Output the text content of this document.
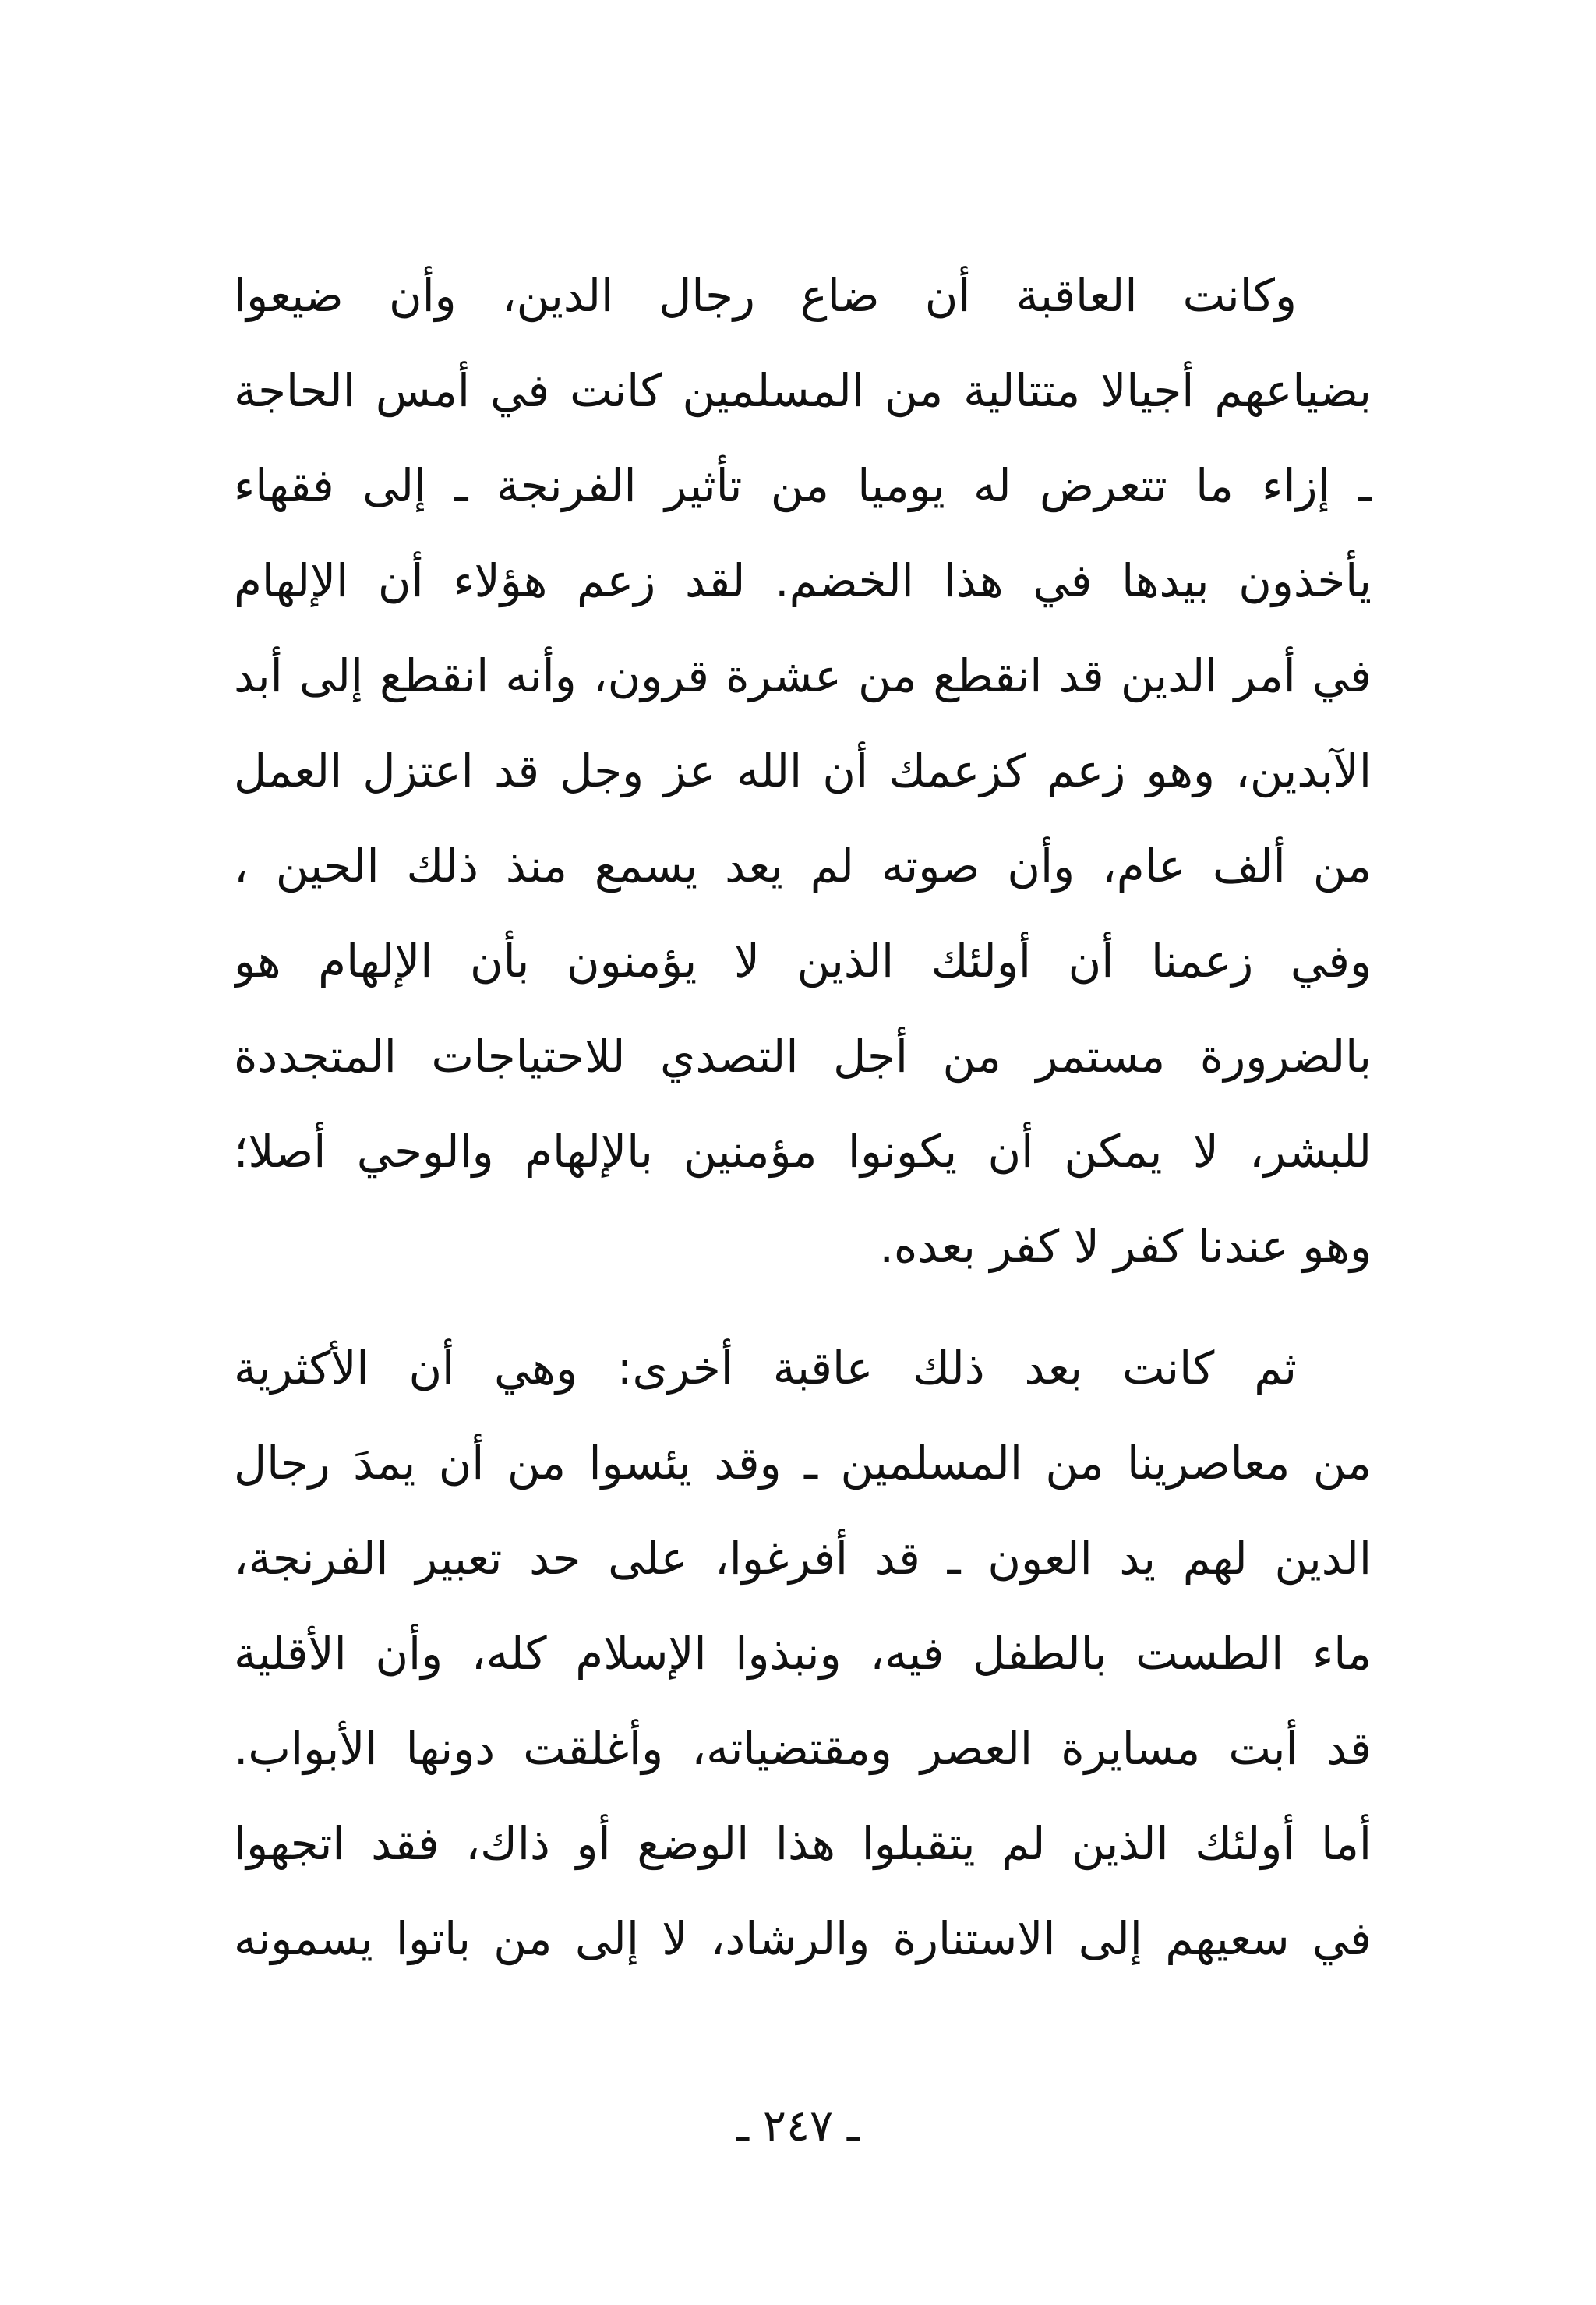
وكانت العاقبة أن ضاع رجال الدين، وأن ضيعوا
بضياعهم أجيالا متتالية من المسلمين كانت في أمس الحاجة
ـ إزاء ما تتعرض له يوميا من تأثير الفرنجة ـ إلى فقهاء
يأخذون بيدها في هذا الخضم. لقد زعم هؤلاء أن الإلهام
في أمر الدين قد انقطع من عشرة قرون، وأنه انقطع إلى أبد
الآبدين، وهو زعم كزعمك أن الله عز وجل قد اعتزل العمل
من ألف عام، وأن صوته لم يعد يسمع منذ ذلك الحين ،
وفي زعمنا أن أولئك الذين لا يؤمنون بأن الإلهام هو
بالضرورة مستمر من أجل التصدي للاحتياجات المتجددة
للبشر، لا يمكن أن يكونوا مؤمنين بالإلهام والوحي أصلا؛
وهو عندنا كفر لا كفر بعده.
ثم كانت بعد ذلك عاقبة أخرى: وهي أن الأكثرية
من معاصرينا من المسلمين ـ وقد يئسوا من أن يمدَ رجال
الدين لهم يد العون ـ قد أفرغوا، على حد تعبير الفرنجة،
ماء الطست بالطفل فيه، ونبذوا الإسلام كله، وأن الأقلية
قد أبت مسايرة العصر ومقتضياته، وأغلقت دونها الأبواب.
أما أولئك الذين لم يتقبلوا هذا الوضع أو ذاك، فقد اتجهوا
في سعيهم إلى الاستنارة والرشاد، لا إلى من باتوا يسمونه
ـ ٢٤٧ ـ
